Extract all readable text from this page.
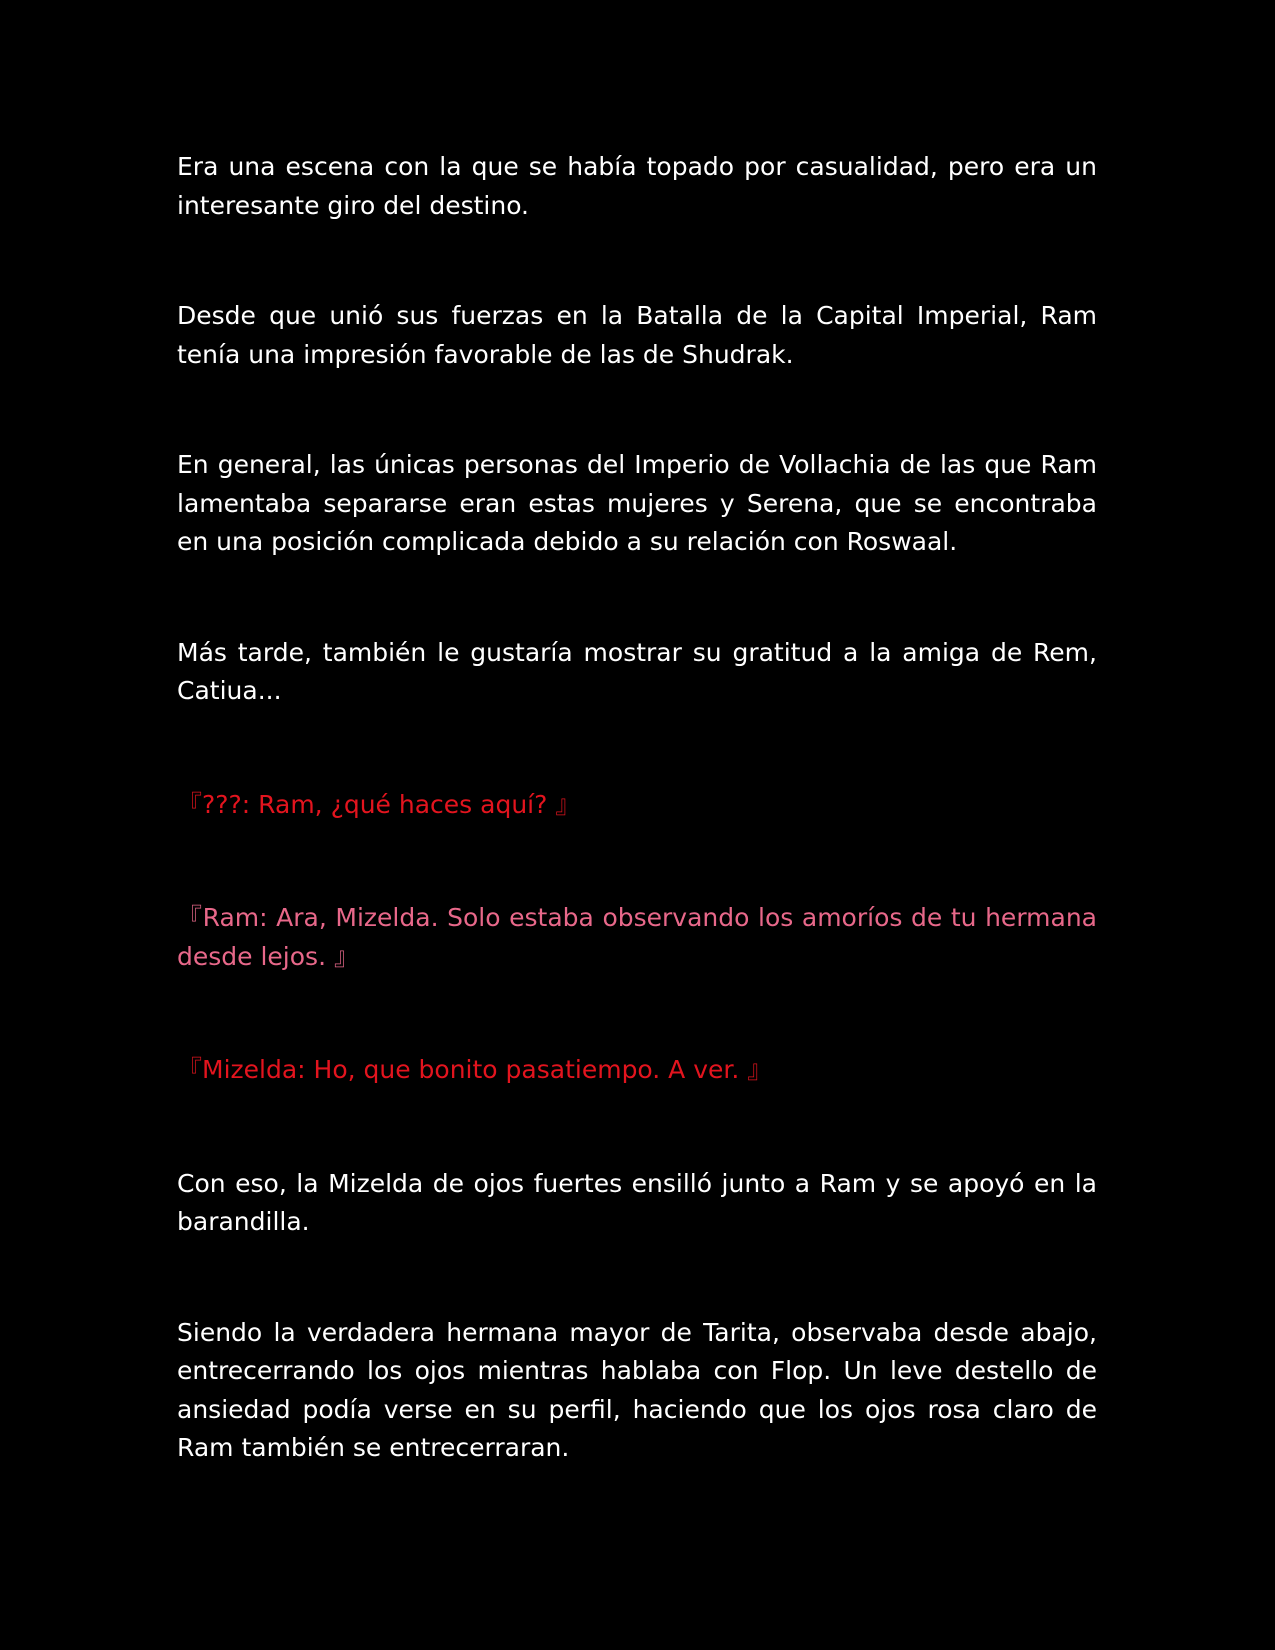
Era una escena con la que se había topado por casualidad, pero era un interesante giro del destino.

Desde que unió sus fuerzas en la Batalla de la Capital Imperial, Ram tenía una impresión favorable de las de Shudrak.

En general, las únicas personas del Imperio de Vollachia de las que Ram lamentaba separarse eran estas mujeres y Serena, que se encontraba en una posición complicada debido a su relación con Roswaal.

Más tarde, también le gustaría mostrar su gratitud a la amiga de Rem, Catiua...

『???: Ram, ¿qué haces aquí? 』

『Ram: Ara, Mizelda. Solo estaba observando los amoríos de tu hermana desde lejos. 』

『Mizelda: Ho, que bonito pasatiempo. A ver. 』

Con eso, la Mizelda de ojos fuertes ensilló junto a Ram y se apoyó en la barandilla.

Siendo la verdadera hermana mayor de Tarita, observaba desde abajo, entrecerrando los ojos mientras hablaba con Flop. Un leve destello de ansiedad podía verse en su perfil, haciendo que los ojos rosa claro de Ram también se entrecerraran.
